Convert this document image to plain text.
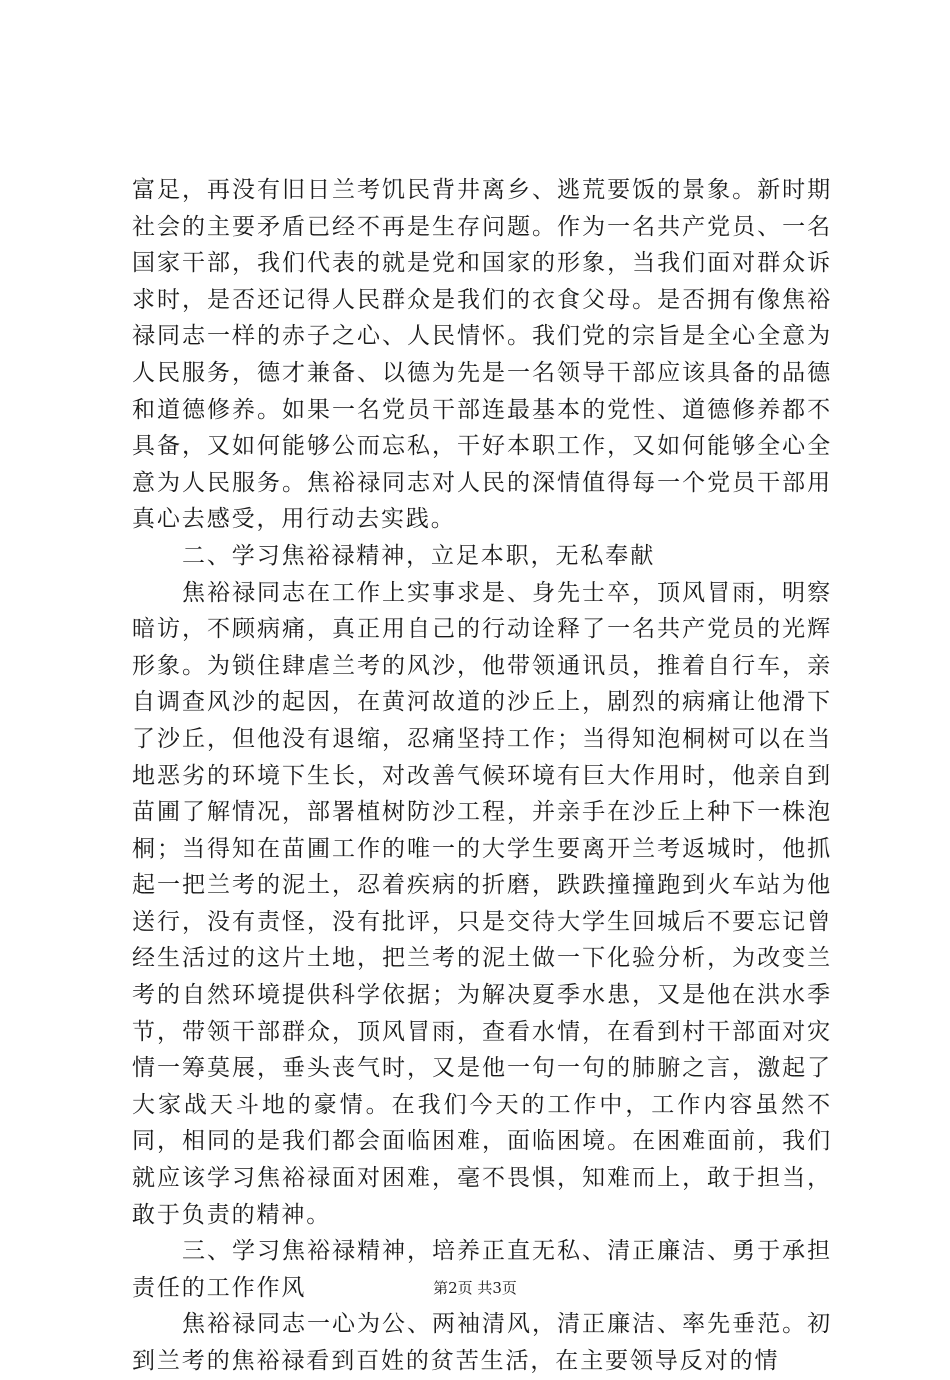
富足，再没有旧日兰考饥民背井离乡、逃荒要饭的景象。新时期社会的主要矛盾已经不再是生存问题。作为一名共产党员、一名国家干部，我们代表的就是党和国家的形象，当我们面对群众诉求时，是否还记得人民群众是我们的衣食父母。是否拥有像焦裕禄同志一样的赤子之心、人民情怀。我们党的宗旨是全心全意为人民服务，德才兼备、以德为先是一名领导干部应该具备的品德和道德修养。如果一名党员干部连最基本的党性、道德修养都不具备，又如何能够公而忘私，干好本职工作，又如何能够全心全意为人民服务。焦裕禄同志对人民的深情值得每一个党员干部用真心去感受，用行动去实践。

二、学习焦裕禄精神，立足本职，无私奉献

焦裕禄同志在工作上实事求是、身先士卒，顶风冒雨，明察暗访，不顾病痛，真正用自己的行动诠释了一名共产党员的光辉形象。为锁住肆虐兰考的风沙，他带领通讯员，推着自行车，亲自调查风沙的起因，在黄河故道的沙丘上，剧烈的病痛让他滑下了沙丘，但他没有退缩，忍痛坚持工作；当得知泡桐树可以在当地恶劣的环境下生长，对改善气候环境有巨大作用时，他亲自到苗圃了解情况，部署植树防沙工程，并亲手在沙丘上种下一株泡桐；当得知在苗圃工作的唯一的大学生要离开兰考返城时，他抓起一把兰考的泥土，忍着疾病的折磨，跌跌撞撞跑到火车站为他送行，没有责怪，没有批评，只是交待大学生回城后不要忘记曾经生活过的这片土地，把兰考的泥土做一下化验分析，为改变兰考的自然环境提供科学依据；为解决夏季水患，又是他在洪水季节，带领干部群众，顶风冒雨，查看水情，在看到村干部面对灾情一筹莫展，垂头丧气时，又是他一句一句的肺腑之言，激起了大家战天斗地的豪情。在我们今天的工作中，工作内容虽然不同，相同的是我们都会面临困难，面临困境。在困难面前，我们就应该学习焦裕禄面对困难，毫不畏惧，知难而上，敢于担当，敢于负责的精神。

三、学习焦裕禄精神，培养正直无私、清正廉洁、勇于承担责任的工作作风

焦裕禄同志一心为公、两袖清风，清正廉洁、率先垂范。初到兰考的焦裕禄看到百姓的贫苦生活，在主要领导反对的情

第2页 共3页
